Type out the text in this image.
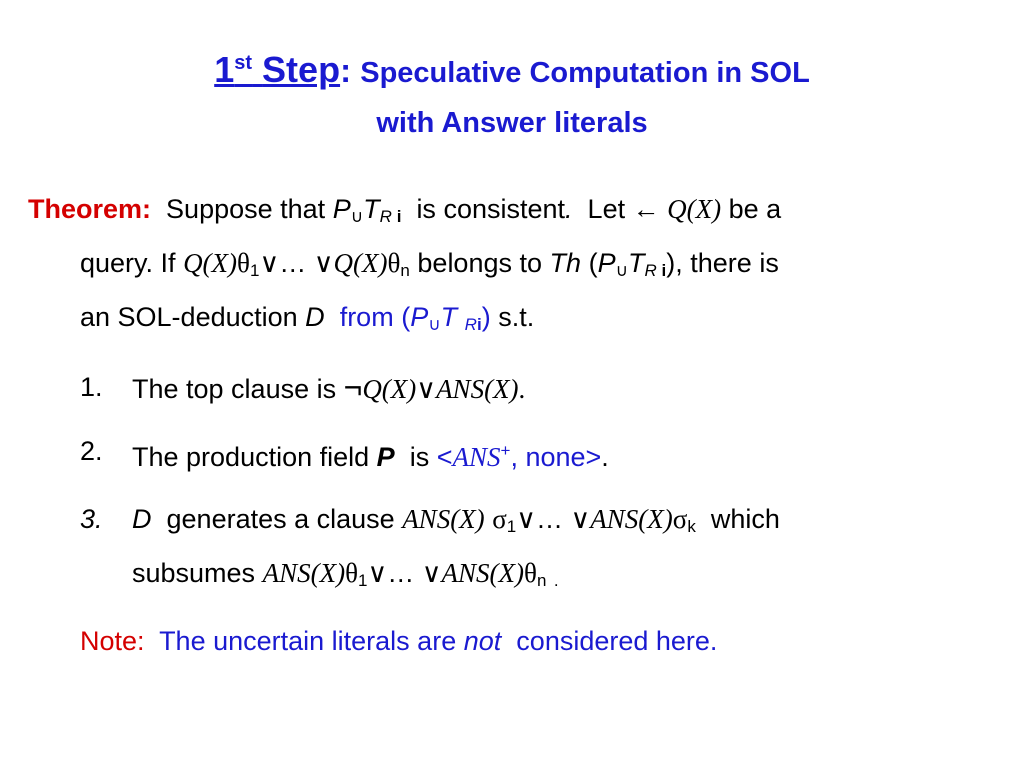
1st Step: Speculative Computation in SOL
with Answer literals
Theorem: Suppose that P∪TR i is consistent. Let ← Q(X) be a
query. If Q(X)θ1∨… ∨Q(X)θn belongs to Th (P∪TR i), there is
an SOL-deduction D from (P∪T Ri) s.t.
1. The top clause is ¬Q(X)∨ANS(X).
2. The production field P is <ANS+, none>.
3. D generates a clause ANS(X) σ1∨… ∨ANS(X)σk which
subsumes ANS(X)θ1∨… ∨ANS(X)θn .
Note: The uncertain literals are not considered here.
